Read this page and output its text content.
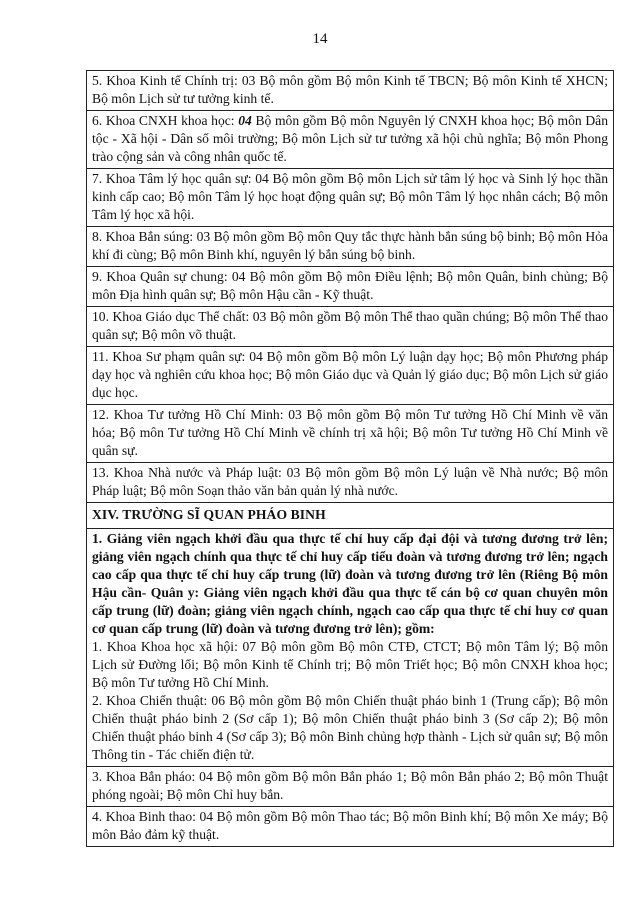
14
5. Khoa Kinh tế Chính trị: 03 Bộ môn gồm Bộ môn Kinh tế TBCN; Bộ môn Kinh tế XHCN; Bộ môn Lịch sử tư tưởng kinh tế.
6. Khoa CNXH khoa học: 04 Bộ môn gồm Bộ môn Nguyên lý CNXH khoa học; Bộ môn Dân tộc - Xã hội - Dân số môi trường; Bộ môn Lịch sử tư tưởng xã hội chủ nghĩa; Bộ môn Phong trào cộng sản và công nhân quốc tế.
7. Khoa Tâm lý học quân sự: 04 Bộ môn gồm Bộ môn Lịch sử tâm lý học và Sinh lý học thần kinh cấp cao; Bộ môn Tâm lý học hoạt động quân sự; Bộ môn Tâm lý học nhân cách; Bộ môn Tâm lý học xã hội.
8. Khoa Bắn súng: 03 Bộ môn gồm Bộ môn Quy tắc thực hành bắn súng bộ binh; Bộ môn Hỏa khí đi cùng; Bộ môn Binh khí, nguyên lý bắn súng bộ binh.
9. Khoa Quân sự chung: 04 Bộ môn gồm Bộ môn Điều lệnh; Bộ môn Quân, binh chủng; Bộ môn Địa hình quân sự; Bộ môn Hậu cần - Kỹ thuật.
10. Khoa Giáo dục Thể chất: 03 Bộ môn gồm Bộ môn Thể thao quần chúng; Bộ môn Thể thao quân sự; Bộ môn võ thuật.
11. Khoa Sư phạm quân sự: 04 Bộ môn gồm Bộ môn Lý luận dạy học; Bộ môn Phương pháp dạy học và nghiên cứu khoa học; Bộ môn Giáo dục và Quản lý giáo dục; Bộ môn Lịch sử giáo dục học.
12. Khoa Tư tưởng Hồ Chí Minh: 03 Bộ môn gồm Bộ môn Tư tưởng Hồ Chí Minh về văn hóa; Bộ môn Tư tưởng Hồ Chí Minh về chính trị xã hội; Bộ môn Tư tưởng Hồ Chí Minh về quân sự.
13. Khoa Nhà nước và Pháp luật: 03 Bộ môn gồm Bộ môn Lý luận về Nhà nước; Bộ môn Pháp luật; Bộ môn Soạn thảo văn bản quản lý nhà nước.
XIV. TRƯỜNG SĨ QUAN PHÁO BINH
1. Giảng viên ngạch khởi đầu qua thực tế chỉ huy cấp đại đội và tương đương trở lên; giảng viên ngạch chính qua thực tế chỉ huy cấp tiểu đoàn và tương đương trở lên; ngạch cao cấp qua thực tế chỉ huy cấp trung (lữ) đoàn và tương đương trở lên (Riêng Bộ môn Hậu cần- Quân y: Giảng viên ngạch khởi đầu qua thực tế cán bộ cơ quan chuyên môn cấp trung (lữ) đoàn; giảng viên ngạch chính, ngạch cao cấp qua thực tế chỉ huy cơ quan cơ quan cấp trung (lữ) đoàn và tương đương trở lên); gồm:
1. Khoa Khoa học xã hội: 07 Bộ môn gồm Bộ môn CTĐ, CTCT; Bộ môn Tâm lý; Bộ môn Lịch sử Đường lối; Bộ môn Kinh tế Chính trị; Bộ môn Triết học; Bộ môn CNXH khoa học; Bộ môn Tư tưởng Hồ Chí Minh.
2. Khoa Chiến thuật: 06 Bộ môn gồm Bộ môn Chiến thuật pháo binh 1 (Trung cấp); Bộ môn Chiến thuật pháo binh 2 (Sơ cấp 1); Bộ môn Chiến thuật pháo binh 3 (Sơ cấp 2); Bộ môn Chiến thuật pháo binh 4 (Sơ cấp 3); Bộ môn Binh chủng hợp thành - Lịch sử quân sự; Bộ môn Thông tin - Tác chiến điện tử.
3. Khoa Bắn pháo: 04 Bộ môn gồm Bộ môn Bắn pháo 1; Bộ môn Bắn pháo 2; Bộ môn Thuật phóng ngoài; Bộ môn Chỉ huy bắn.
4. Khoa Binh thao: 04 Bộ môn gồm Bộ môn Thao tác; Bộ môn Binh khí; Bộ môn Xe máy; Bộ môn Bảo đảm kỹ thuật.
